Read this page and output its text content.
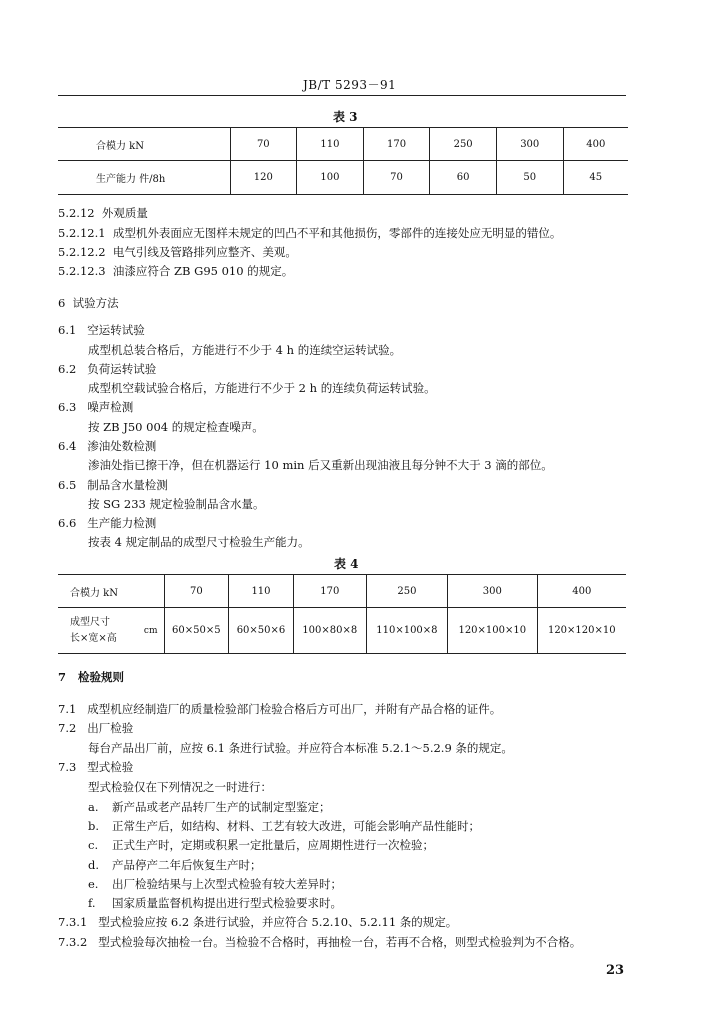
JB/T 5293－91
表 3
合模力 kN	70	110	170	250	300	400
生产能力 件/8h	120	100	70	60	50	45
5.2.12 外观质量
5.2.12.1 成型机外表面应无图样未规定的凹凸不平和其他损伤，零部件的连接处应无明显的错位。
5.2.12.2 电气引线及管路排列应整齐、美观。
5.2.12.3 油漆应符合 ZB G95 010 的规定。
6 试验方法
6.1 空运转试验
成型机总装合格后，方能进行不少于 4 h 的连续空运转试验。
6.2 负荷运转试验
成型机空载试验合格后，方能进行不少于 2 h 的连续负荷运转试验。
6.3 噪声检测
按 ZB J50 004 的规定检查噪声。
6.4 渗油处数检测
渗油处指已擦干净，但在机器运行 10 min 后又重新出现油液且每分钟不大于 3 滴的部位。
6.5 制品含水量检测
按 SG 233 规定检验制品含水量。
6.6 生产能力检测
按表 4 规定制品的成型尺寸检验生产能力。
表 4
合模力 kN	70	110	170	250	300	400

成型尺寸
长×宽×高
cm	60×50×5	60×50×6	100×80×8	110×100×8	120×100×10	120×120×10
7 检验规则
7.1 成型机应经制造厂的质量检验部门检验合格后方可出厂，并附有产品合格的证件。
7.2 出厂检验
每台产品出厂前，应按 6.1 条进行试验。并应符合本标准 5.2.1～5.2.9 条的规定。
7.3 型式检验
型式检验仅在下列情况之一时进行：
a. 新产品或老产品转厂生产的试制定型鉴定；
b. 正常生产后，如结构、材料、工艺有较大改进，可能会影响产品性能时；
c. 正式生产时，定期或积累一定批量后，应周期性进行一次检验；
d. 产品停产二年后恢复生产时；
e. 出厂检验结果与上次型式检验有较大差异时；
f. 国家质量监督机构提出进行型式检验要求时。
7.3.1 型式检验应按 6.2 条进行试验，并应符合 5.2.10、5.2.11 条的规定。
7.3.2 型式检验每次抽检一台。当检验不合格时，再抽检一台，若再不合格，则型式检验判为不合格。
23
